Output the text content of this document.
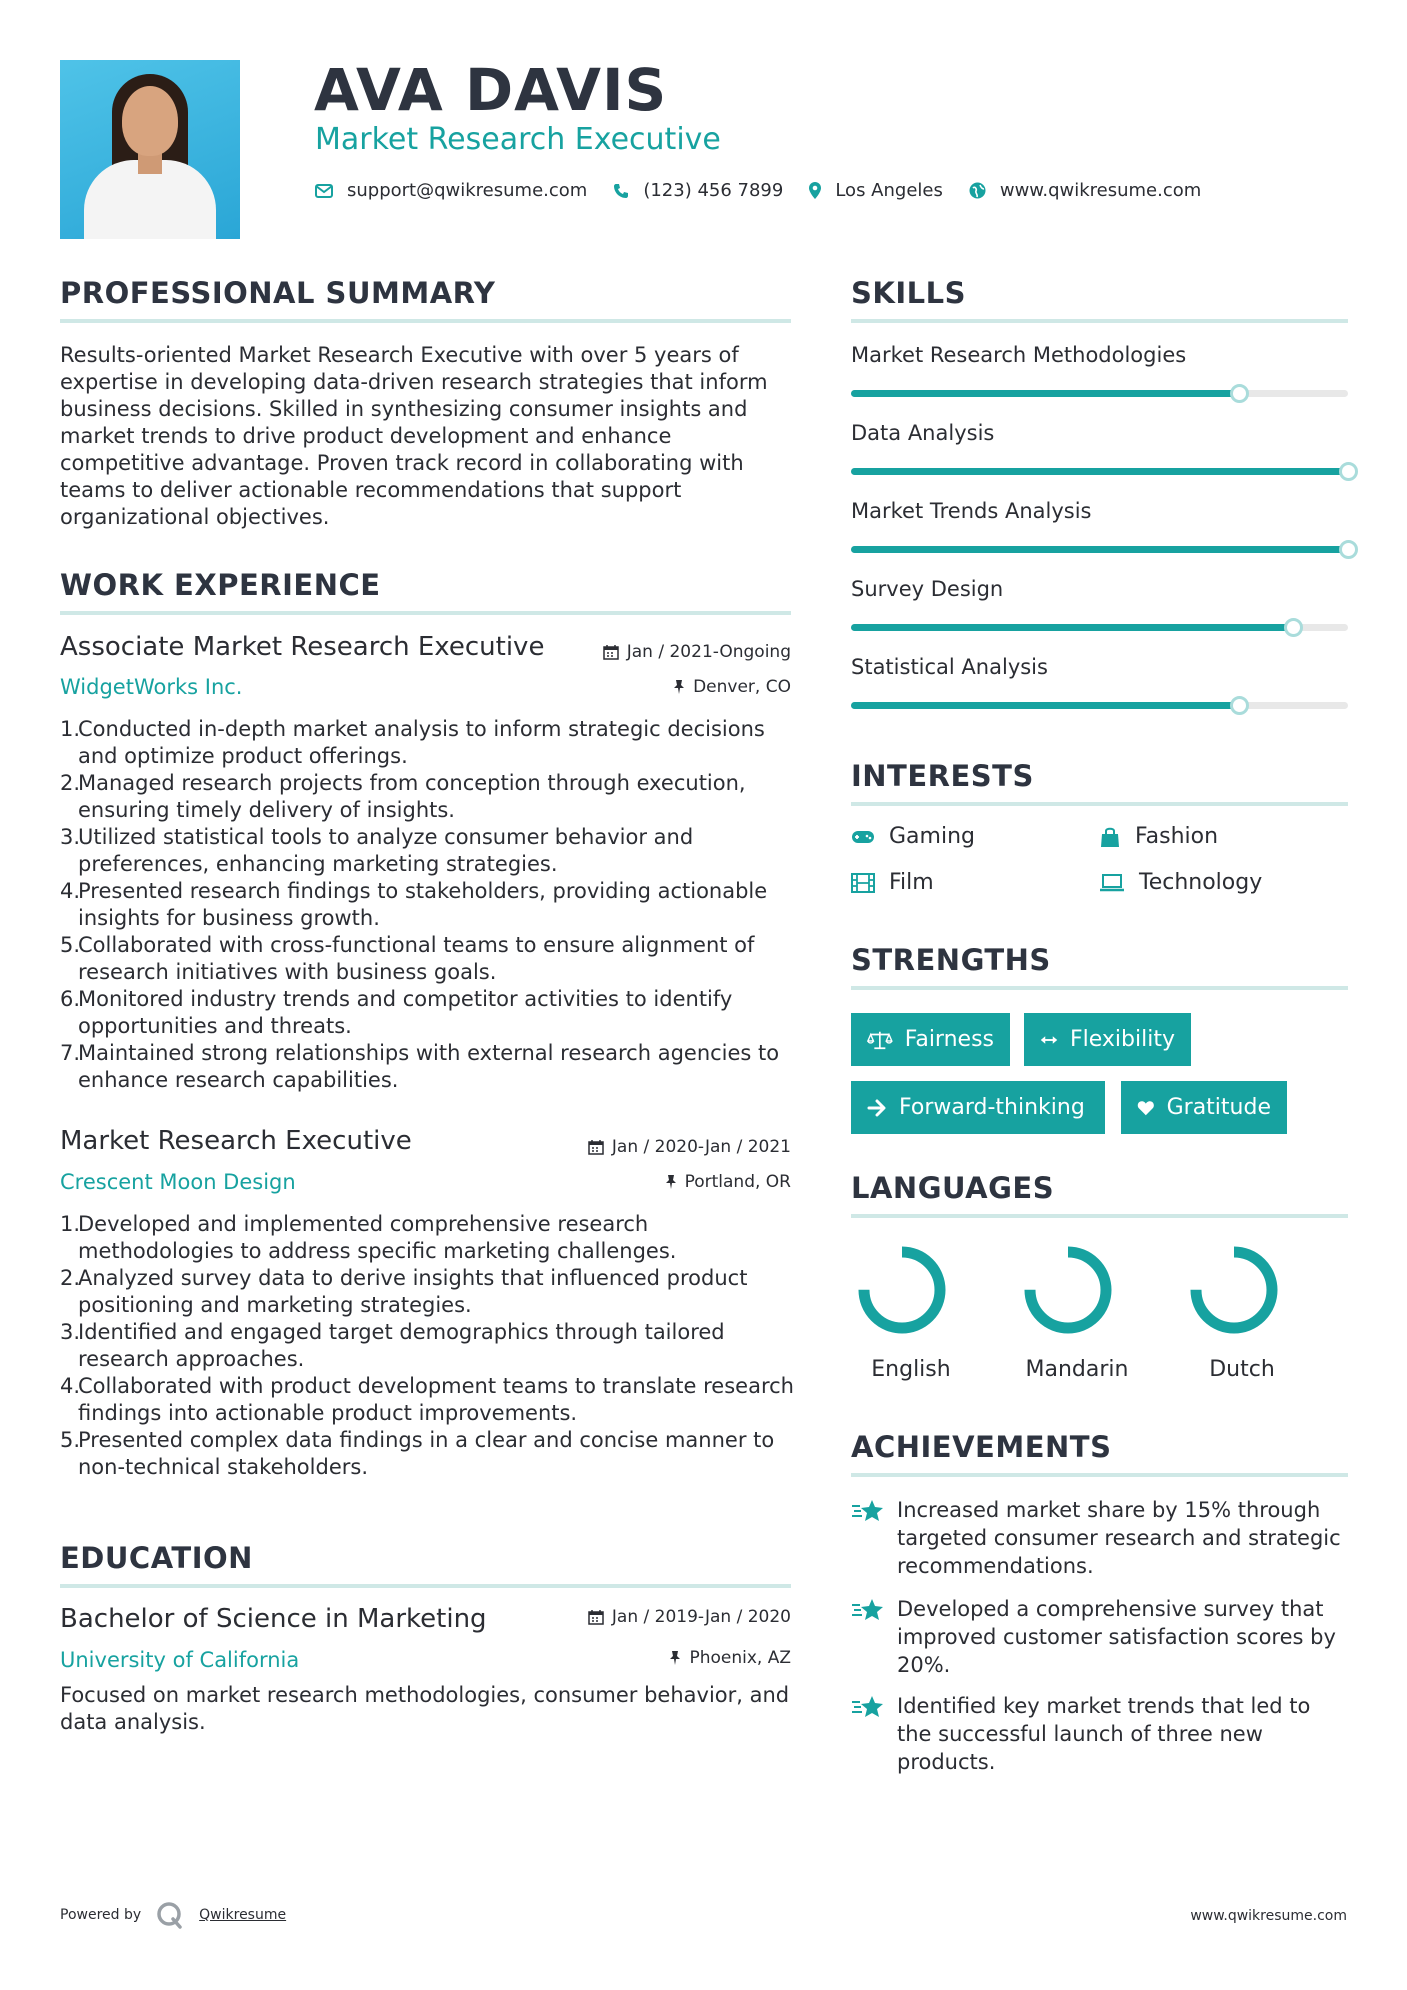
AVA DAVIS
Market Research Executive
support@qwikresume.com	(123) 456 7899	Los Angeles	www.qwikresume.com
PROFESSIONAL SUMMARY
Results-oriented Market Research Executive with over 5 years of expertise in developing data-driven research strategies that inform business decisions. Skilled in synthesizing consumer insights and market trends to drive product development and enhance competitive advantage. Proven track record in collaborating with teams to deliver actionable recommendations that support organizational objectives.
WORK EXPERIENCE
Associate Market Research Executive	Jan / 2021-Ongoing
WidgetWorks Inc.	Denver, CO
1.
Conducted in-depth market analysis to inform strategic decisions and optimize product offerings.
2.
Managed research projects from conception through execution, ensuring timely delivery of insights.
3.
Utilized statistical tools to analyze consumer behavior and preferences, enhancing marketing strategies.
4.
Presented research findings to stakeholders, providing actionable insights for business growth.
5.
Collaborated with cross-functional teams to ensure alignment of research initiatives with business goals.
6.
Monitored industry trends and competitor activities to identify opportunities and threats.
7.
Maintained strong relationships with external research agencies to enhance research capabilities.
Market Research Executive	Jan / 2020-Jan / 2021
Crescent Moon Design	Portland, OR
1.
Developed and implemented comprehensive research methodologies to address specific marketing challenges.
2.
Analyzed survey data to derive insights that influenced product positioning and marketing strategies.
3.
Identified and engaged target demographics through tailored research approaches.
4.
Collaborated with product development teams to translate research findings into actionable product improvements.
5.
Presented complex data findings in a clear and concise manner to non-technical stakeholders.
EDUCATION
Bachelor of Science in Marketing	Jan / 2019-Jan / 2020
University of California	Phoenix, AZ
Focused on market research methodologies, consumer behavior, and data analysis.
SKILLS
Market Research Methodologies
Data Analysis
Market Trends Analysis
Survey Design
Statistical Analysis
INTERESTS
Gaming	Fashion
Film	Technology
STRENGTHS
Fairness	Flexibility
Forward-thinking	Gratitude
LANGUAGES
English	Mandarin	Dutch
ACHIEVEMENTS
Increased market share by 15% through targeted consumer research and strategic recommendations.
Developed a comprehensive survey that improved customer satisfaction scores by 20%.
Identified key market trends that led to the successful launch of three new products.
Powered by	Qwikresume	www.qwikresume.com
